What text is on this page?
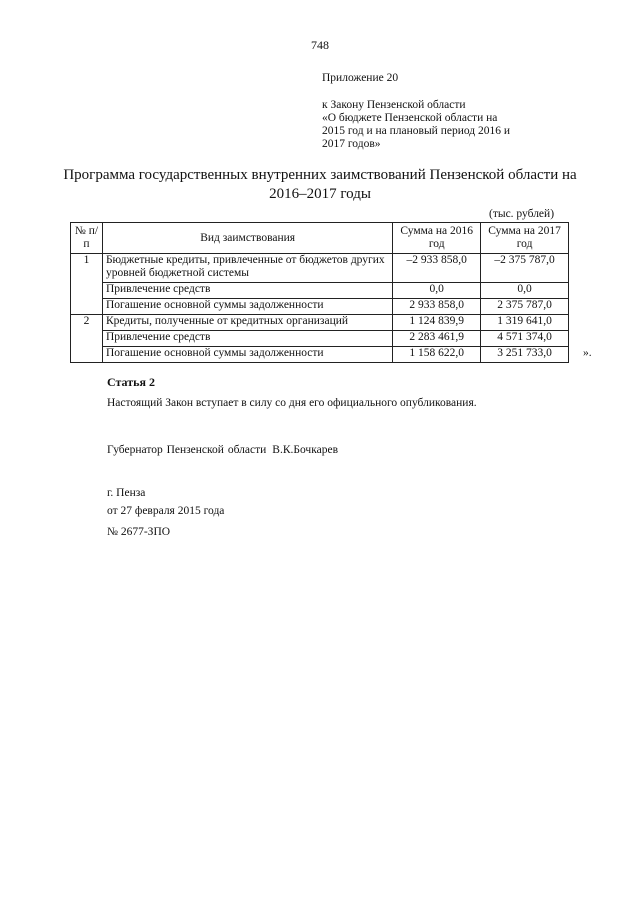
748
Приложение 20
к Закону Пензенской области
«О бюджете Пензенской области на
2015 год и на плановый период 2016 и
2017 годов»
Программа государственных внутренних заимствований Пензенской области на 2016–2017 годы
(тыс. рублей)
№ п/п	Вид заимствования	Сумма на 2016 год	Сумма на 2017 год
1	Бюджетные кредиты, привлеченные от бюджетов других уровней бюджетной системы	–2 933 858,0	–2 375 787,0
	Привлечение средств	0,0	0,0
	Погашение основной суммы задолженности	2 933 858,0	2 375 787,0
2	Кредиты, полученные от кредитных организаций	1 124 839,9	1 319 641,0
	Привлечение средств	2 283 461,9	4 571 374,0
	Погашение основной суммы задолженности	1 158 622,0	3 251 733,0	».
Статья 2
Настоящий Закон вступает в силу со дня его официального опубликования.
Губернатор Пензенской области В.К.Бочкарев
г. Пенза
от 27 февраля 2015 года
№ 2677-ЗПО
